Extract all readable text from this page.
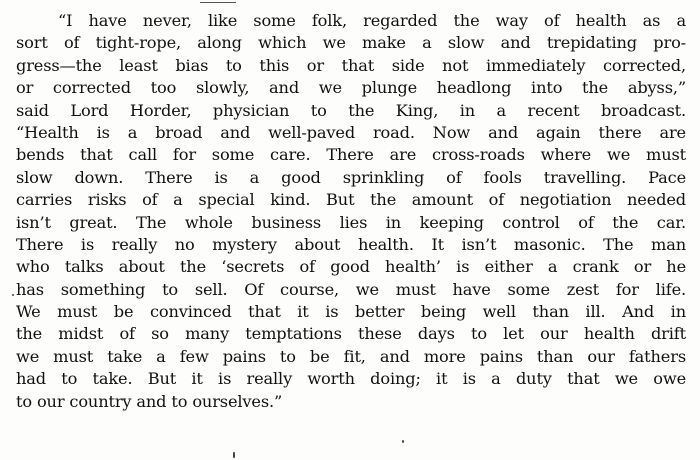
“I have never, like some folk, regarded the way of health as a
sort of tight-rope, along which we make a slow and trepidating pro-
gress—the least bias to this or that side not immediately corrected,
or corrected too slowly, and we plunge headlong into the abyss,”
said Lord Horder, physician to the King, in a recent broadcast.
“Health is a broad and well-paved road. Now and again there are
bends that call for some care. There are cross-roads where we must
slow down. There is a good sprinkling of fools travelling. Pace
carries risks of a special kind. But the amount of negotiation needed
isn’t great. The whole business lies in keeping control of the car.
There is really no mystery about health. It isn’t masonic. The man
who talks about the ‘secrets of good health’ is either a crank or he
has something to sell. Of course, we must have some zest for life.
We must be convinced that it is better being well than ill. And in
the midst of so many temptations these days to let our health drift
we must take a few pains to be fit, and more pains than our fathers
had to take. But it is really worth doing; it is a duty that we owe
to our country and to ourselves.”
